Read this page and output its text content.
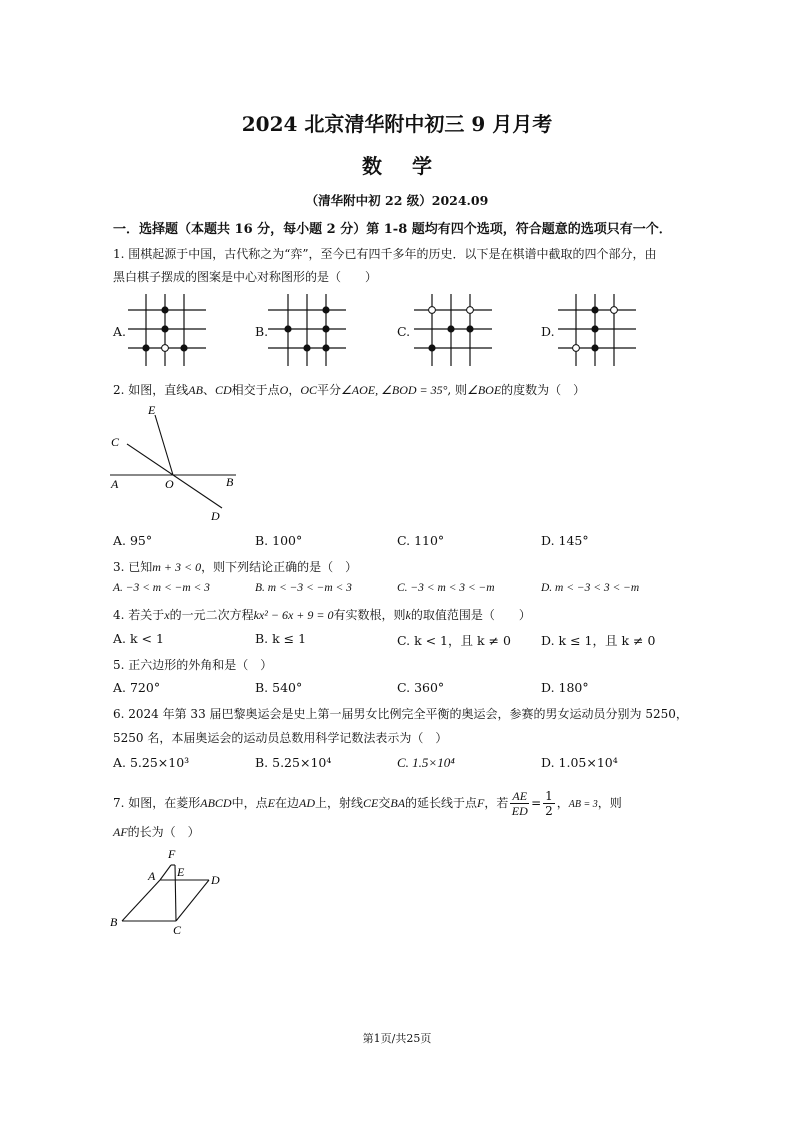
2024 北京清华附中初三 9 月月考
数学
（清华附中初 22 级）2024.09
一．选择题（本题共 16 分，每小题 2 分）第 1-8 题均有四个选项，符合题意的选项只有一个．
1. 围棋起源于中国，古代称之为“弈”，至今已有四千多年的历史．以下是在棋谱中截取的四个部分，由
黑白棋子摆成的图案是中心对称图形的是（　　）
A.	B.	C.	D.
2. 如图，直线AB、CD相交于点O，OC平分∠AOE, ∠BOD = 35°, 则∠BOE的度数为（　）
E
C
A	O	B
D
A. 95°	B. 100°	C. 110°	D. 145°
3. 已知m + 3 < 0，则下列结论正确的是（　）
A. −3 < m < −m < 3	B. m < −3 < −m < 3	C. −3 < m < 3 < −m	D. m < −3 < 3 < −m
4. 若关于x的一元二次方程kx² − 6x + 9 = 0有实数根，则k的取值范围是（　　）
A. k < 1	B. k ≤ 1	C. k < 1，且 k ≠ 0 D. k ≤ 1，且 k ≠ 0
5. 正六边形的外角和是（　）
A. 720°	B. 540°	C. 360°	D. 180°
6. 2024 年第 33 届巴黎奥运会是史上第一届男女比例完全平衡的奥运会，参赛的男女运动员分别为 5250，
5250 名，本届奥运会的运动员总数用科学记数法表示为（　）
A. 5.25×10³	B. 5.25×10⁴	C. 1.5×10⁴	D. 1.05×10⁴
7. 如图，在菱形ABCD中，点E在边AD上，射线CE交BA的延长线于点F，若 $\frac{AE}{ED} = \frac{1}{2}$ ，AB = 3，则
AF的长为（　）
F
A E
D
B
C
第1页/共25页
